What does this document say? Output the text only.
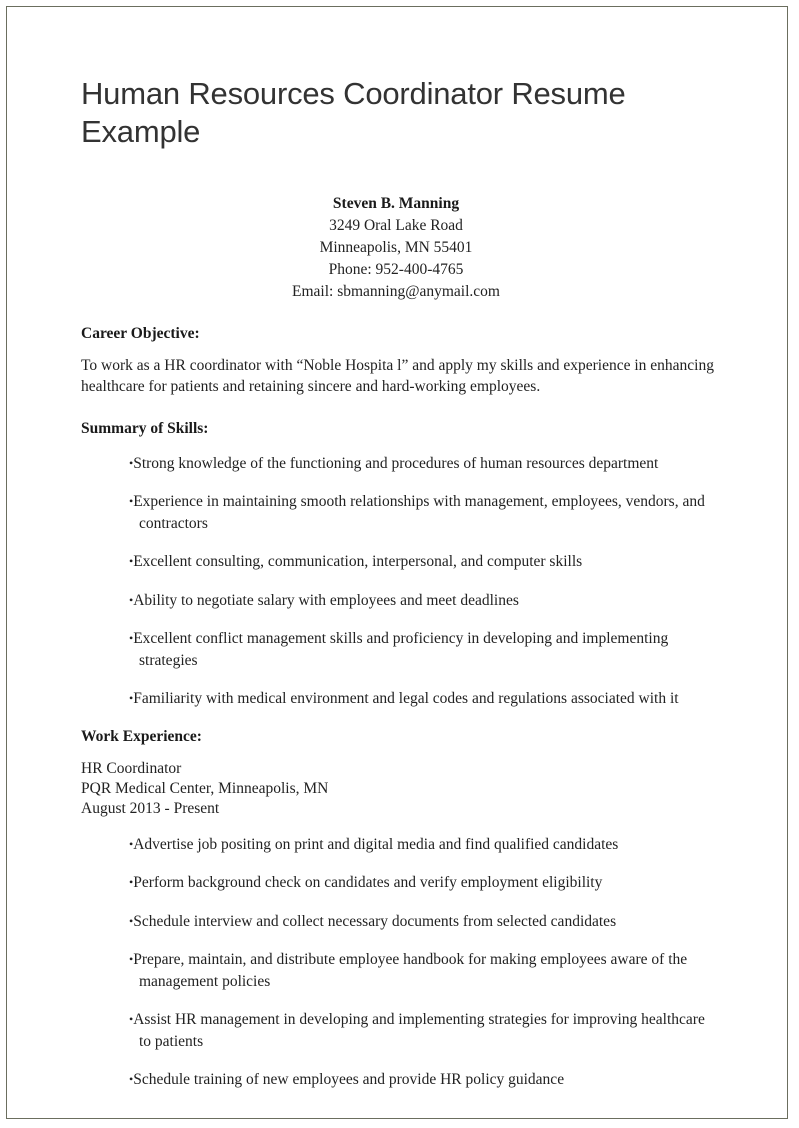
Human Resources Coordinator Resume Example
Steven B. Manning
3249 Oral Lake Road
Minneapolis, MN 55401
Phone: 952-400-4765
Email: sbmanning@anymail.com
Career Objective:

To work as a HR coordinator with “Noble Hospita l” and apply my skills and experience in enhancing healthcare for patients and retaining sincere and hard-working employees.

Summary of Skills:
•Strong knowledge of the functioning and procedures of human resources department
•Experience in maintaining smooth relationships with management, employees, vendors, and contractors
•Excellent consulting, communication, interpersonal, and computer skills
•Ability to negotiate salary with employees and meet deadlines
•Excellent conflict management skills and proficiency in developing and implementing strategies
•Familiarity with medical environment and legal codes and regulations associated with it
Work Experience:
HR Coordinator
PQR Medical Center, Minneapolis, MN
August 2013 - Present
•Advertise job positing on print and digital media and find qualified candidates
•Perform background check on candidates and verify employment eligibility
•Schedule interview and collect necessary documents from selected candidates
•Prepare, maintain, and distribute employee handbook for making employees aware of the management policies
•Assist HR management in developing and implementing strategies for improving healthcare to patients
•Schedule training of new employees and provide HR policy guidance
